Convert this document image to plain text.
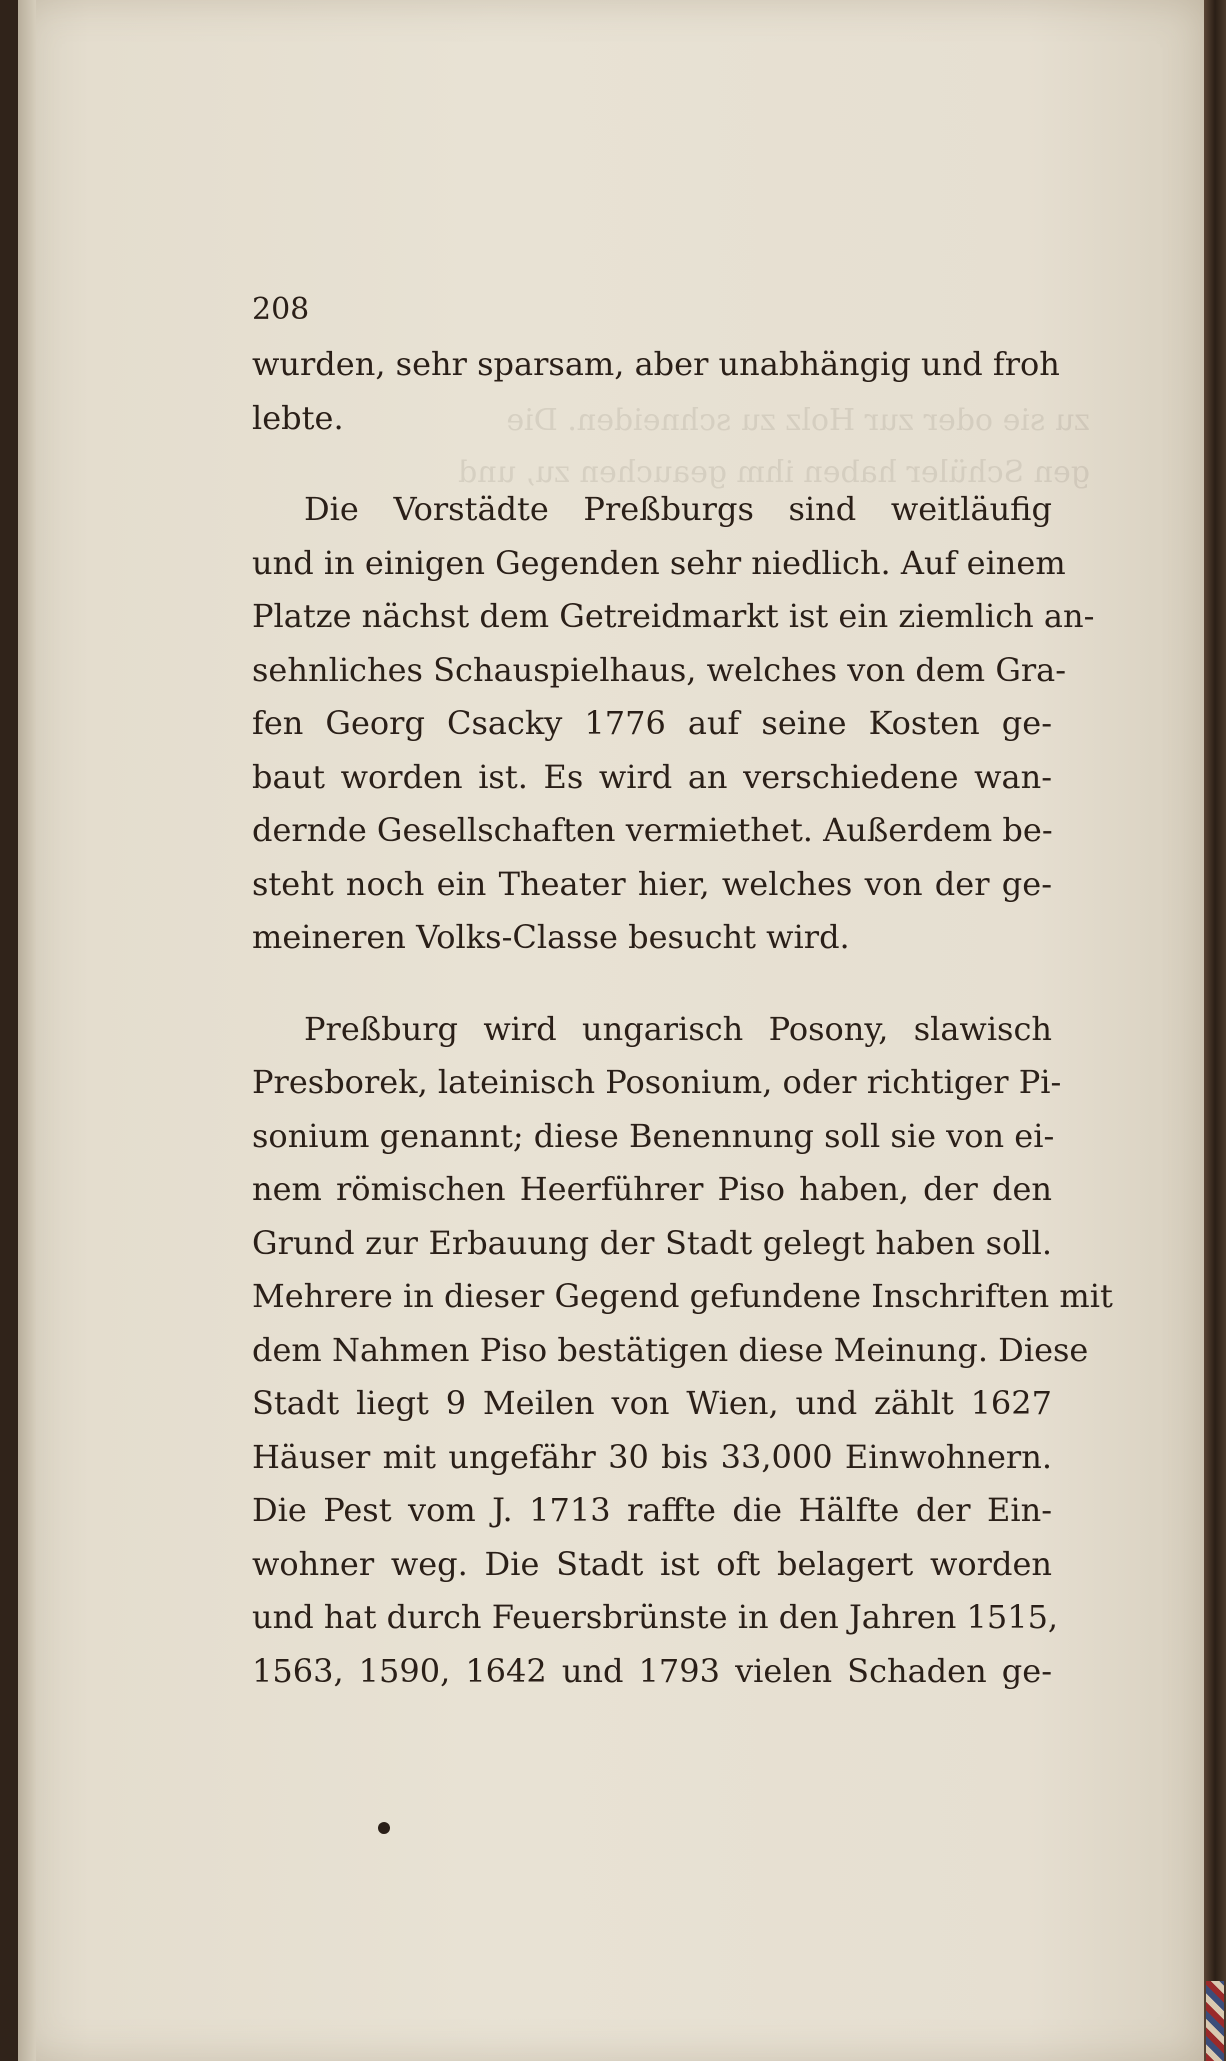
zu sie oder zur Holz zu schneiden. Die
gen Schüler haben ihm geauchen zu, und

208
wurden, sehr sparsam, aber unabhängig und froh
lebte.
Die Vorstädte Preßburgs sind weitläufig
und in einigen Gegenden sehr niedlich. Auf einem
Platze nächst dem Getreidmarkt ist ein ziemlich an-
sehnliches Schauspielhaus, welches von dem Gra-
fen Georg Csacky 1776 auf seine Kosten ge-
baut worden ist. Es wird an verschiedene wan-
dernde Gesellschaften vermiethet. Außerdem be-
steht noch ein Theater hier, welches von der ge-
meineren Volks-Classe besucht wird.
Preßburg wird ungarisch Posony, slawisch
Presborek, lateinisch Posonium, oder richtiger Pi-
sonium genannt; diese Benennung soll sie von ei-
nem römischen Heerführer Piso haben, der den
Grund zur Erbauung der Stadt gelegt haben soll.
Mehrere in dieser Gegend gefundene Inschriften mit
dem Nahmen Piso bestätigen diese Meinung. Diese
Stadt liegt 9 Meilen von Wien, und zählt 1627
Häuser mit ungefähr 30 bis 33,000 Einwohnern.
Die Pest vom J. 1713 raffte die Hälfte der Ein-
wohner weg. Die Stadt ist oft belagert worden
und hat durch Feuersbrünste in den Jahren 1515,
1563, 1590, 1642 und 1793 vielen Schaden ge-
